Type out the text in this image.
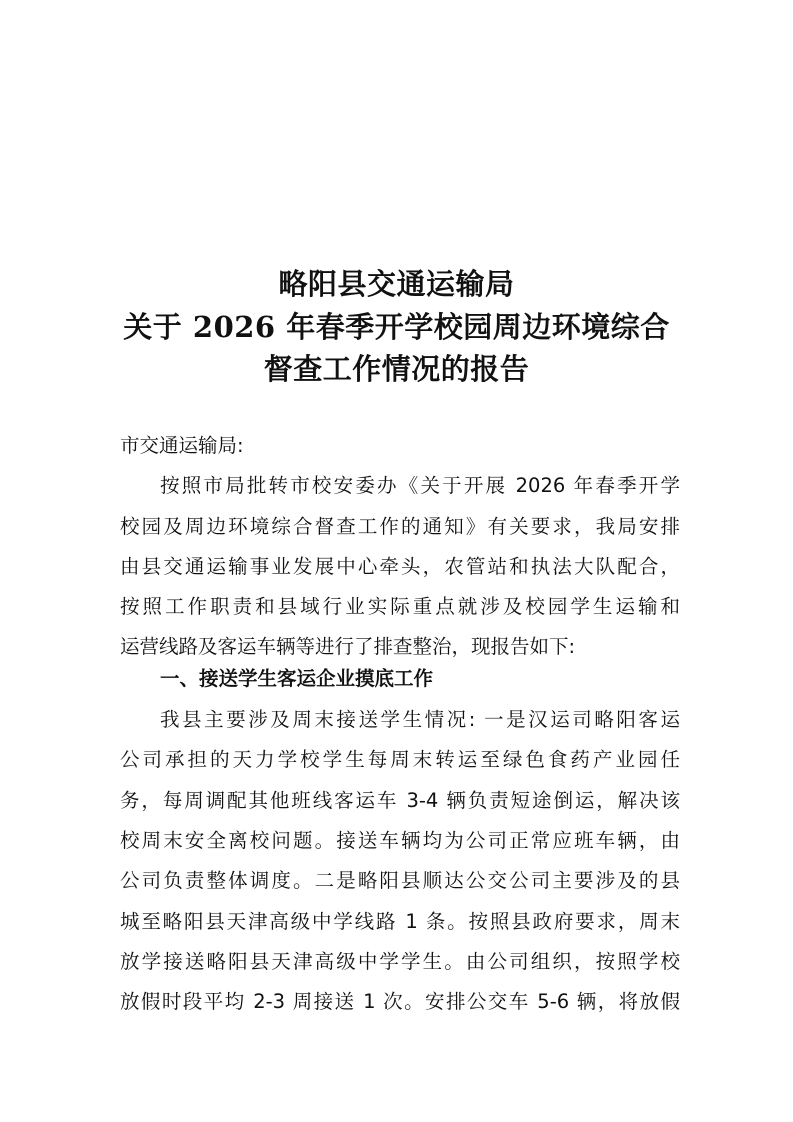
略阳县交通运输局
关于 2026 年春季开学校园周边环境综合
督查工作情况的报告
市交通运输局:
按照市局批转市校安委办《关于开展 2026 年春季开学
校园及周边环境综合督查工作的通知》有关要求，我局安排
由县交通运输事业发展中心牵头，农管站和执法大队配合，
按照工作职责和县域行业实际重点就涉及校园学生运输和
运营线路及客运车辆等进行了排查整治，现报告如下:
一、接送学生客运企业摸底工作
我县主要涉及周末接送学生情况: 一是汉运司略阳客运
公司承担的天力学校学生每周末转运至绿色食药产业园任
务，每周调配其他班线客运车 3-4 辆负责短途倒运，解决该
校周末安全离校问题。接送车辆均为公司正常应班车辆，由
公司负责整体调度。二是略阳县顺达公交公司主要涉及的县
城至略阳县天津高级中学线路 1 条。按照县政府要求，周末
放学接送略阳县天津高级中学学生。由公司组织，按照学校
放假时段平均 2-3 周接送 1 次。安排公交车 5-6 辆，将放假
